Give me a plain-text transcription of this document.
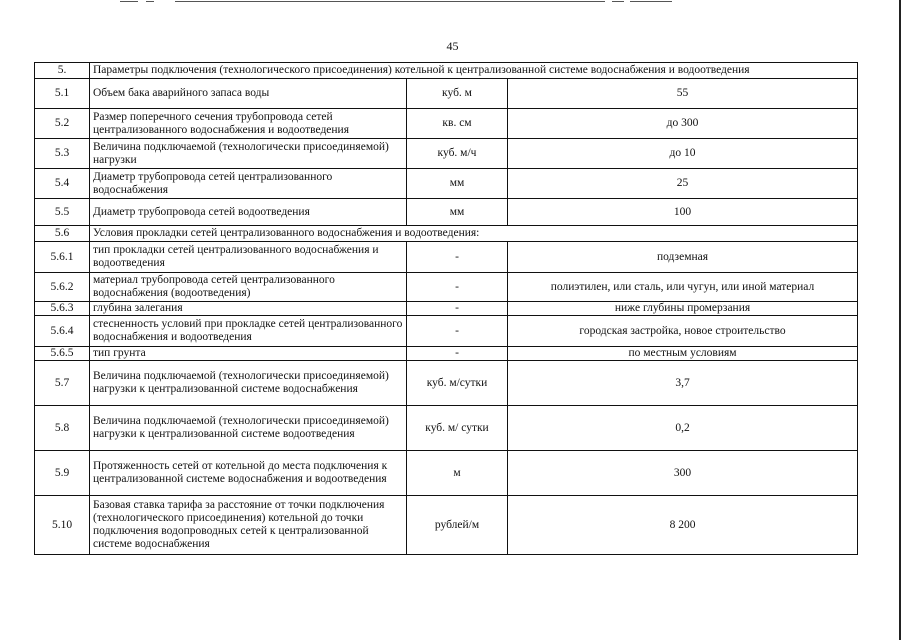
45
5.	Параметры подключения (технологического присоединения) котельной к централизованной системе водоснабжения и водоотведения		
5.1	Объем бака аварийного запаса воды	куб. м	55
5.2	Размер поперечного сечения трубопровода сетей централизованного водоснабжения и водоотведения	кв. см	до 300
5.3	Величина подключаемой (технологически присоединяемой) нагрузки	куб. м/ч	до 10
5.4	Диаметр трубопровода сетей централизованного водоснабжения	мм	25
5.5	Диаметр трубопровода сетей водоотведения	мм	100
5.6	Условия прокладки сетей централизованного водоснабжения и водоотведения:		
5.6.1	тип прокладки сетей централизованного водоснабжения и водоотведения	-	подземная
5.6.2	материал трубопровода сетей централизованного водоснабжения (водоотведения)	-	полиэтилен, или сталь, или чугун, или иной материал
5.6.3	глубина залегания	-	ниже глубины промерзания
5.6.4	стесненность условий при прокладке сетей централизованного водоснабжения и водоотведения	-	городская застройка, новое строительство
5.6.5	тип грунта	-	по местным условиям
5.7	Величина подключаемой (технологически присоединяемой) нагрузки к централизованной системе водоснабжения	куб. м/сутки	3,7
5.8	Величина подключаемой (технологически присоединяемой) нагрузки к централизованной системе водоотведения	куб. м/ сутки	0,2
5.9	Протяженность сетей от котельной до места подключения к централизованной системе водоснабжения и водоотведения	м	300
5.10	Базовая ставка тарифа за расстояние от точки подключения (технологического присоединения) котельной до точки подключения водопроводных сетей к централизованной системе водоснабжения	рублей/м	8 200
